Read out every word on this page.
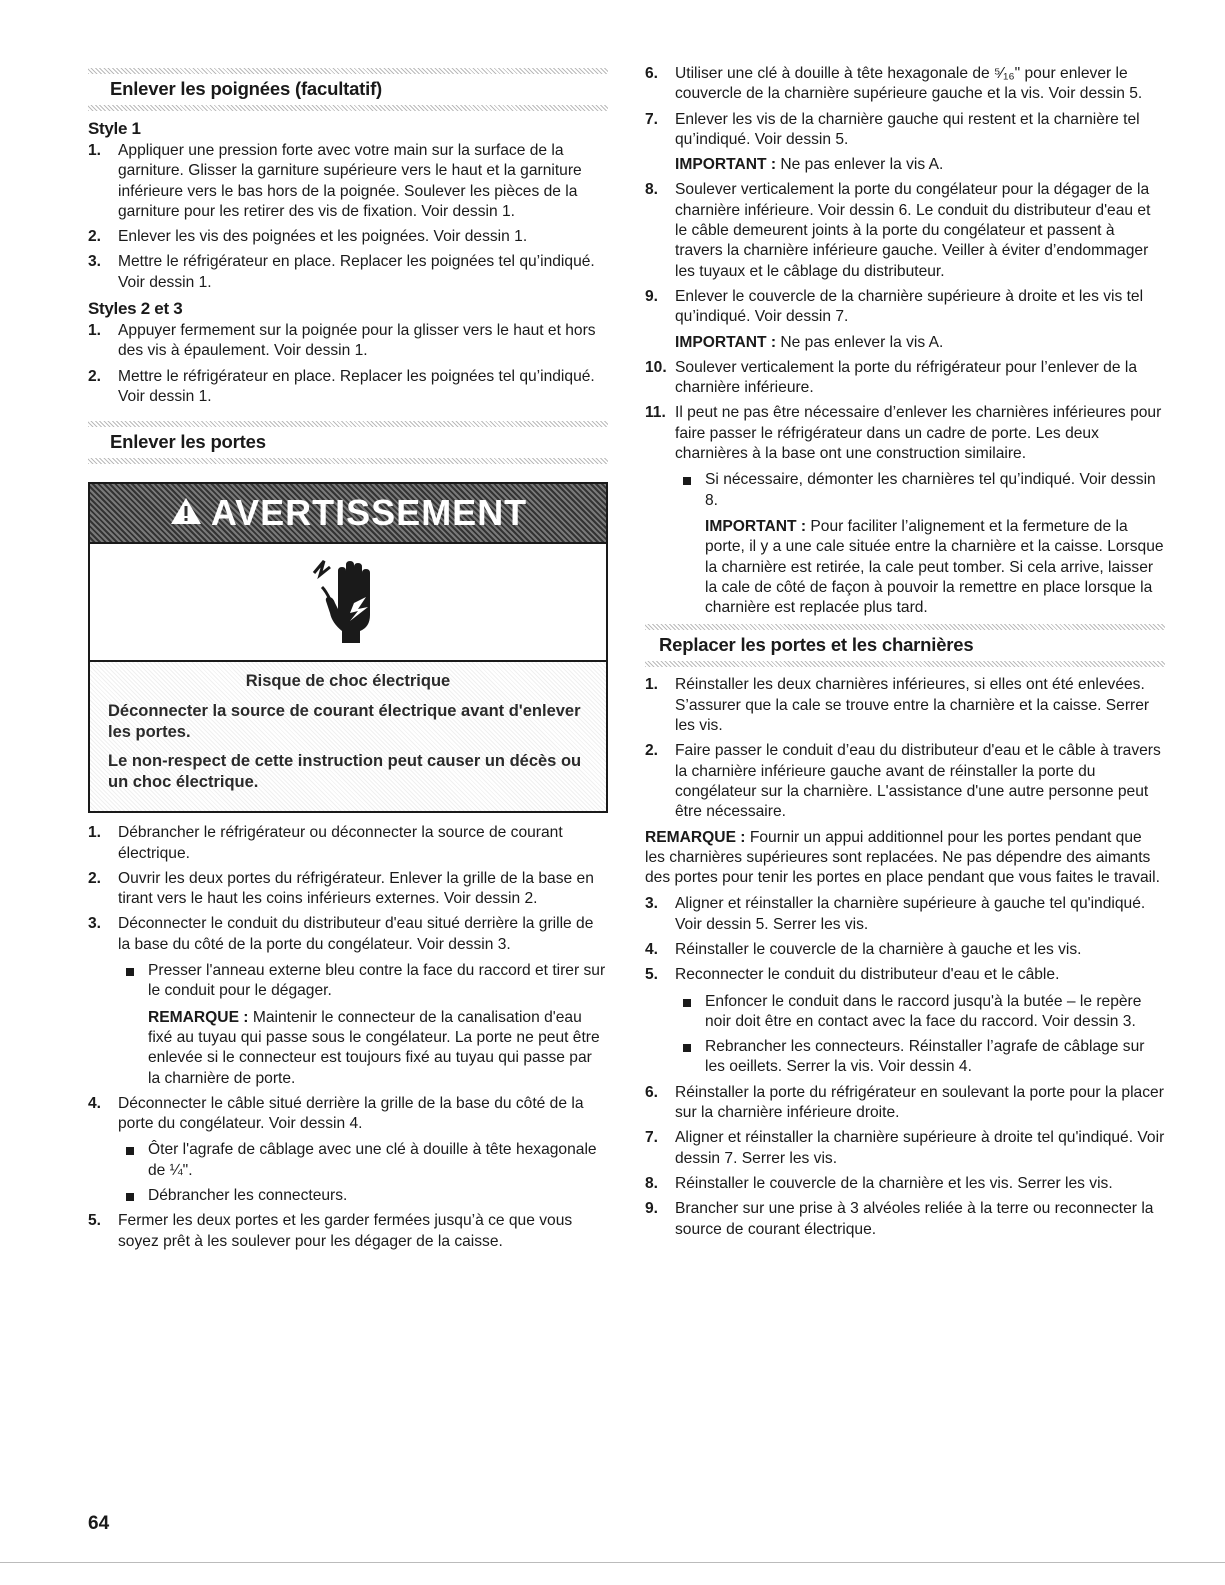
Enlever les poignées (facultatif)
Style 1
1. Appliquer une pression forte avec votre main sur la surface de la garniture. Glisser la garniture supérieure vers le haut et la garniture inférieure vers le bas hors de la poignée. Soulever les pièces de la garniture pour les retirer des vis de fixation. Voir dessin 1.
2. Enlever les vis des poignées et les poignées. Voir dessin 1.
3. Mettre le réfrigérateur en place. Replacer les poignées tel qu’indiqué. Voir dessin 1.
Styles 2 et 3
1. Appuyer fermement sur la poignée pour la glisser vers le haut et hors des vis à épaulement. Voir dessin 1.
2. Mettre le réfrigérateur en place. Replacer les poignées tel qu’indiqué. Voir dessin 1.
Enlever les portes
AVERTISSEMENT
Risque de choc électrique
Déconnecter la source de courant électrique avant d'enlever les portes.
Le non-respect de cette instruction peut causer un décès ou un choc électrique.
1. Débrancher le réfrigérateur ou déconnecter la source de courant électrique.
2. Ouvrir les deux portes du réfrigérateur. Enlever la grille de la base en tirant vers le haut les coins inférieurs externes. Voir dessin 2.
3. Déconnecter le conduit du distributeur d'eau situé derrière la grille de la base du côté de la porte du congélateur. Voir dessin 3.
Presser l'anneau externe bleu contre la face du raccord et tirer sur le conduit pour le dégager.
REMARQUE : Maintenir le connecteur de la canalisation d'eau fixé au tuyau qui passe sous le congélateur. La porte ne peut être enlevée si le connecteur est toujours fixé au tuyau qui passe par la charnière de porte.
4. Déconnecter le câble situé derrière la grille de la base du côté de la porte du congélateur. Voir dessin 4.
Ôter l'agrafe de câblage avec une clé à douille à tête hexagonale de ¼".
Débrancher les connecteurs.
5. Fermer les deux portes et les garder fermées jusqu’à ce que vous soyez prêt à les soulever pour les dégager de la caisse.
6. Utiliser une clé à douille à tête hexagonale de ⁵⁄₁₆" pour enlever le couvercle de la charnière supérieure gauche et la vis. Voir dessin 5.
7. Enlever les vis de la charnière gauche qui restent et la charnière tel qu’indiqué. Voir dessin 5.
IMPORTANT : Ne pas enlever la vis A.
8. Soulever verticalement la porte du congélateur pour la dégager de la charnière inférieure. Voir dessin 6. Le conduit du distributeur d'eau et le câble demeurent joints à la porte du congélateur et passent à travers la charnière inférieure gauche. Veiller à éviter d’endommager les tuyaux et le câblage du distributeur.
9. Enlever le couvercle de la charnière supérieure à droite et les vis tel qu’indiqué. Voir dessin 7.
IMPORTANT : Ne pas enlever la vis A.
10. Soulever verticalement la porte du réfrigérateur pour l’enlever de la charnière inférieure.
11. Il peut ne pas être nécessaire d’enlever les charnières inférieures pour faire passer le réfrigérateur dans un cadre de porte. Les deux charnières à la base ont une construction similaire.
Si nécessaire, démonter les charnières tel qu’indiqué. Voir dessin 8.
IMPORTANT : Pour faciliter l’alignement et la fermeture de la porte, il y a une cale située entre la charnière et la caisse. Lorsque la charnière est retirée, la cale peut tomber. Si cela arrive, laisser la cale de côté de façon à pouvoir la remettre en place lorsque la charnière est replacée plus tard.
Replacer les portes et les charnières
1. Réinstaller les deux charnières inférieures, si elles ont été enlevées. S’assurer que la cale se trouve entre la charnière et la caisse. Serrer les vis.
2. Faire passer le conduit d’eau du distributeur d'eau et le câble à travers la charnière inférieure gauche avant de réinstaller la porte du congélateur sur la charnière. L'assistance d'une autre personne peut être nécessaire.
REMARQUE : Fournir un appui additionnel pour les portes pendant que les charnières supérieures sont replacées. Ne pas dépendre des aimants des portes pour tenir les portes en place pendant que vous faites le travail.
3. Aligner et réinstaller la charnière supérieure à gauche tel qu'indiqué. Voir dessin 5. Serrer les vis.
4. Réinstaller le couvercle de la charnière à gauche et les vis.
5. Reconnecter le conduit du distributeur d'eau et le câble.
Enfoncer le conduit dans le raccord jusqu'à la butée – le repère noir doit être en contact avec la face du raccord. Voir dessin 3.
Rebrancher les connecteurs. Réinstaller l’agrafe de câblage sur les oeillets. Serrer la vis. Voir dessin 4.
6. Réinstaller la porte du réfrigérateur en soulevant la porte pour la placer sur la charnière inférieure droite.
7. Aligner et réinstaller la charnière supérieure à droite tel qu'indiqué. Voir dessin 7. Serrer les vis.
8. Réinstaller le couvercle de la charnière et les vis. Serrer les vis.
9. Brancher sur une prise à 3 alvéoles reliée à la terre ou reconnecter la source de courant électrique.
64
